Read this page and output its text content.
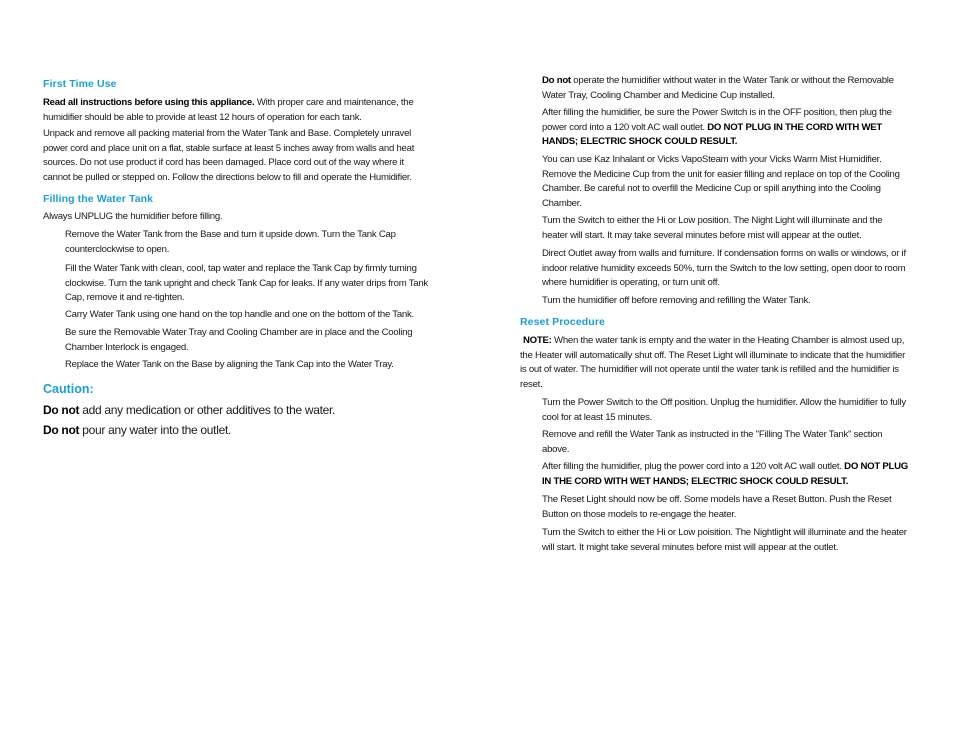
First Time Use

Read all instructions before using this appliance. With proper care and maintenance, the humidifier should be able to provide at least 12 hours of operation for each tank.

Unpack and remove all packing material from the Water Tank and Base. Completely unravel power cord and place unit on a flat, stable surface at least 5 inches away from walls and heat sources. Do not use product if cord has been damaged. Place cord out of the way where it cannot be pulled or stepped on. Follow the directions below to fill and operate the Humidifier.

Filling the Water Tank

Always UNPLUG the humidifier before filling.

Remove the Water Tank from the Base and turn it upside down. Turn the Tank Cap counterclockwise to open.

Fill the Water Tank with clean, cool, tap water and replace the Tank Cap by firmly turning clockwise. Turn the tank upright and check Tank Cap for leaks. If any water drips from Tank Cap, remove it and re-tighten.

Carry Water Tank using one hand on the top handle and one on the bottom of the Tank.

Be sure the Removable Water Tray and Cooling Chamber are in place and the Cooling Chamber Interlock is engaged.

Replace the Water Tank on the Base by aligning the Tank Cap into the Water Tray.

Caution:
Do not add any medication or other additives to the water.
Do not pour any water into the outlet.

Do not operate the humidifier without water in the Water Tank or without the Removable Water Tray, Cooling Chamber and Medicine Cup installed.

After filling the humidifier, be sure the Power Switch is in the OFF position, then plug the power cord into a 120 volt AC wall outlet. DO NOT PLUG IN THE CORD WITH WET HANDS; ELECTRIC SHOCK COULD RESULT.

You can use Kaz Inhalant or Vicks VapoSteam with your Vicks Warm Mist Humidifier. Remove the Medicine Cup from the unit for easier filling and replace on top of the Cooling Chamber. Be careful not to overfill the Medicine Cup or spill anything into the Cooling Chamber.

Turn the Switch to either the Hi or Low position. The Night Light will illuminate and the heater will start. It may take several minutes before mist will appear at the outlet.

Direct Outlet away from walls and furniture. If condensation forms on walls or windows, or if indoor relative humidity exceeds 50%, turn the Switch to the low setting, open door to room where humidifier is operating, or turn unit off.

Turn the humidifier off before removing and refilling the Water Tank.

Reset Procedure

NOTE: When the water tank is empty and the water in the Heating Chamber is almost used up, the Heater will automatically shut off. The Reset Light will illuminate to indicate that the humidifier is out of water. The humidifier will not operate until the water tank is refilled and the humidifier is reset.

Turn the Power Switch to the Off position. Unplug the humidifier. Allow the humidifier to fully cool for at least 15 minutes.

Remove and refill the Water Tank as instructed in the "Filling The Water Tank" section above.

After filling the humidifier, plug the power cord into a 120 volt AC wall outlet. DO NOT PLUG IN THE CORD WITH WET HANDS; ELECTRIC SHOCK COULD RESULT.

The Reset Light should now be off. Some models have a Reset Button. Push the Reset Button on those models to re-engage the heater.

Turn the Switch to either the Hi or Low poisition. The Nightlight will illuminate and the heater will start. It might take several minutes before mist will appear at the outlet.
